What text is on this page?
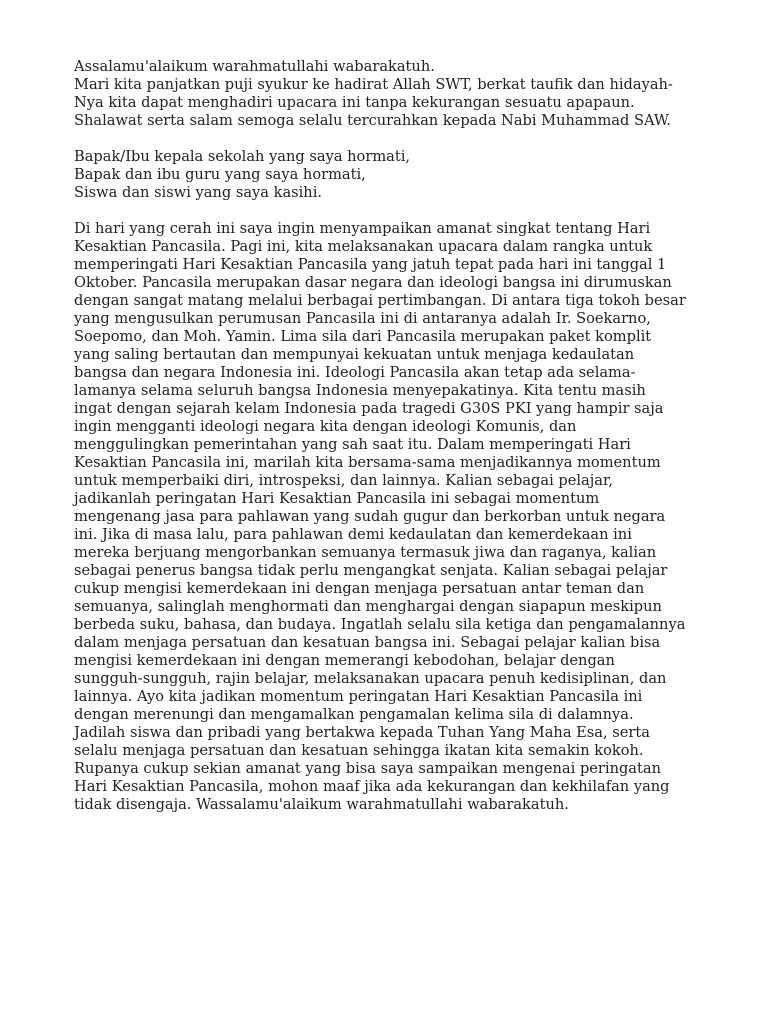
Assalamu'alaikum warahmatullahi wabarakatuh.
Mari kita panjatkan puji syukur ke hadirat Allah SWT, berkat taufik dan hidayah-
Nya kita dapat menghadiri upacara ini tanpa kekurangan sesuatu apapaun.
Shalawat serta salam semoga selalu tercurahkan kepada Nabi Muhammad SAW.
Bapak/Ibu kepala sekolah yang saya hormati,
Bapak dan ibu guru yang saya hormati,
Siswa dan siswi yang saya kasihi.
Di hari yang cerah ini saya ingin menyampaikan amanat singkat tentang Hari
Kesaktian Pancasila. Pagi ini, kita melaksanakan upacara dalam rangka untuk
memperingati Hari Kesaktian Pancasila yang jatuh tepat pada hari ini tanggal 1
Oktober. Pancasila merupakan dasar negara dan ideologi bangsa ini dirumuskan
dengan sangat matang melalui berbagai pertimbangan. Di antara tiga tokoh besar
yang mengusulkan perumusan Pancasila ini di antaranya adalah Ir. Soekarno,
Soepomo, dan Moh. Yamin. Lima sila dari Pancasila merupakan paket komplit
yang saling bertautan dan mempunyai kekuatan untuk menjaga kedaulatan
bangsa dan negara Indonesia ini. Ideologi Pancasila akan tetap ada selama-
lamanya selama seluruh bangsa Indonesia menyepakatinya. Kita tentu masih
ingat dengan sejarah kelam Indonesia pada tragedi G30S PKI yang hampir saja
ingin mengganti ideologi negara kita dengan ideologi Komunis, dan
menggulingkan pemerintahan yang sah saat itu. Dalam memperingati Hari
Kesaktian Pancasila ini, marilah kita bersama-sama menjadikannya momentum
untuk memperbaiki diri, introspeksi, dan lainnya. Kalian sebagai pelajar,
jadikanlah peringatan Hari Kesaktian Pancasila ini sebagai momentum
mengenang jasa para pahlawan yang sudah gugur dan berkorban untuk negara
ini. Jika di masa lalu, para pahlawan demi kedaulatan dan kemerdekaan ini
mereka berjuang mengorbankan semuanya termasuk jiwa dan raganya, kalian
sebagai penerus bangsa tidak perlu mengangkat senjata. Kalian sebagai pelajar
cukup mengisi kemerdekaan ini dengan menjaga persatuan antar teman dan
semuanya, salinglah menghormati dan menghargai dengan siapapun meskipun
berbeda suku, bahasa, dan budaya. Ingatlah selalu sila ketiga dan pengamalannya
dalam menjaga persatuan dan kesatuan bangsa ini. Sebagai pelajar kalian bisa
mengisi kemerdekaan ini dengan memerangi kebodohan, belajar dengan
sungguh-sungguh, rajin belajar, melaksanakan upacara penuh kedisiplinan, dan
lainnya. Ayo kita jadikan momentum peringatan Hari Kesaktian Pancasila ini
dengan merenungi dan mengamalkan pengamalan kelima sila di dalamnya.
Jadilah siswa dan pribadi yang bertakwa kepada Tuhan Yang Maha Esa, serta
selalu menjaga persatuan dan kesatuan sehingga ikatan kita semakin kokoh.
Rupanya cukup sekian amanat yang bisa saya sampaikan mengenai peringatan
Hari Kesaktian Pancasila, mohon maaf jika ada kekurangan dan kekhilafan yang
tidak disengaja. Wassalamu'alaikum warahmatullahi wabarakatuh.
